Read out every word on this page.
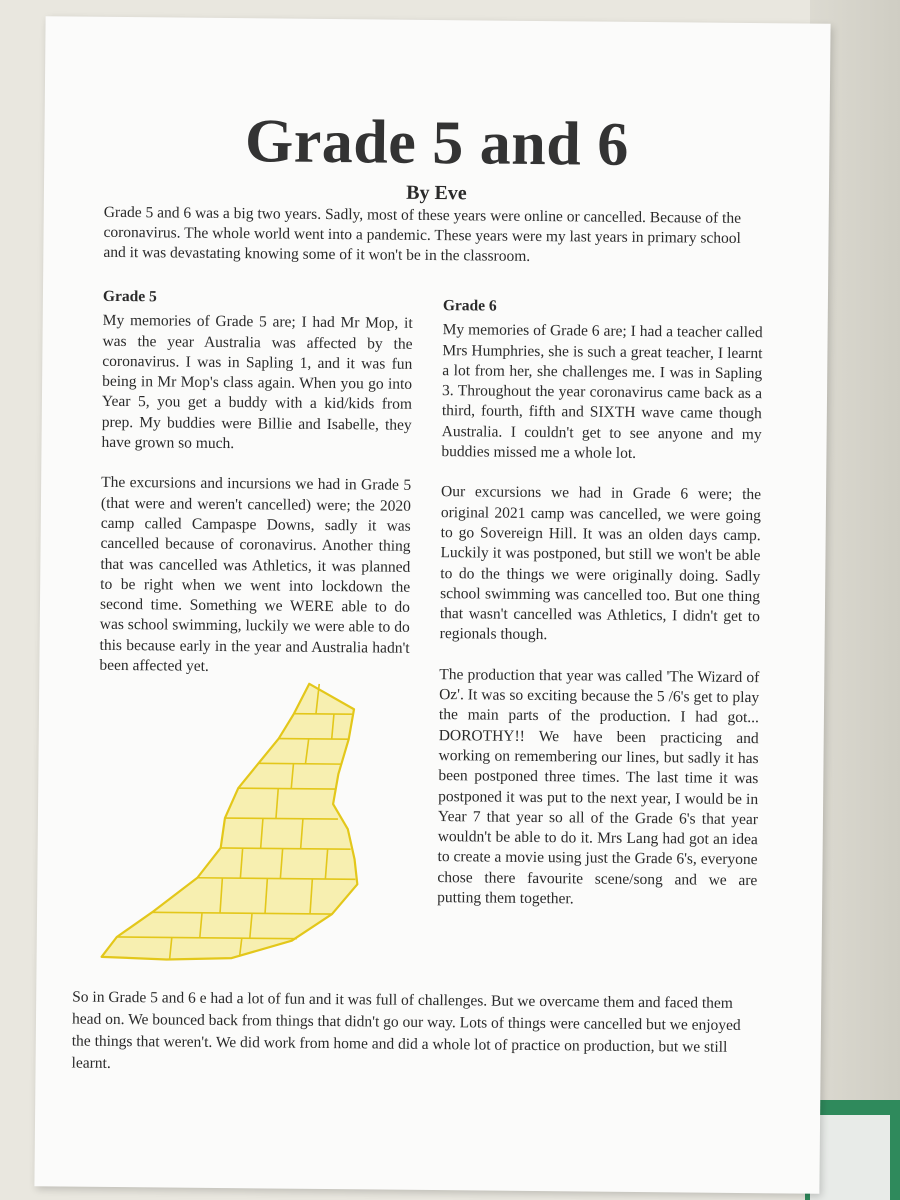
Grade 5 and 6
By Eve
Grade 5 and 6 was a big two years. Sadly, most of these years were online or cancelled. Because of the coronavirus. The whole world went into a pandemic. These years were my last years in primary school and it was devastating knowing some of it won't be in the classroom.
Grade 5

My memories of Grade 5 are; I had Mr Mop, it was the year Australia was affected by the coronavirus. I was in Sapling 1, and it was fun being in Mr Mop's class again. When you go into Year 5, you get a buddy with a kid/kids from prep. My buddies were Billie and Isabelle, they have grown so much.

The excursions and incursions we had in Grade 5 (that were and weren't cancelled) were; the 2020 camp called Campaspe Downs, sadly it was cancelled because of coronavirus. Another thing that was cancelled was Athletics, it was planned to be right when we went into lockdown the second time. Something we WERE able to do was school swimming, luckily we were able to do this because early in the year and Australia hadn't been affected yet.

Grade 6

My memories of Grade 6 are; I had a teacher called Mrs Humphries, she is such a great teacher, I learnt a lot from her, she challenges me. I was in Sapling 3. Throughout the year coronavirus came back as a third, fourth, fifth and SIXTH wave came though Australia. I couldn't get to see anyone and my buddies missed me a whole lot.

Our excursions we had in Grade 6 were; the original 2021 camp was cancelled, we were going to go Sovereign Hill. It was an olden days camp. Luckily it was postponed, but still we won't be able to do the things we were originally doing. Sadly school swimming was cancelled too. But one thing that wasn't cancelled was Athletics, I didn't get to regionals though.

The production that year was called 'The Wizard of Oz'. It was so exciting because the 5 /6's get to play the main parts of the production. I had got... DOROTHY!! We have been practicing and working on remembering our lines, but sadly it has been postponed three times. The last time it was postponed it was put to the next year, I would be in Year 7 that year so all of the Grade 6's that year wouldn't be able to do it. Mrs Lang had got an idea to create a movie using just the Grade 6's, everyone chose there favourite scene/song and we are putting them together.

So in Grade 5 and 6 e had a lot of fun and it was full of challenges. But we overcame them and faced them head on. We bounced back from things that didn't go our way. Lots of things were cancelled but we enjoyed the things that weren't. We did work from home and did a whole lot of practice on production, but we still learnt.
